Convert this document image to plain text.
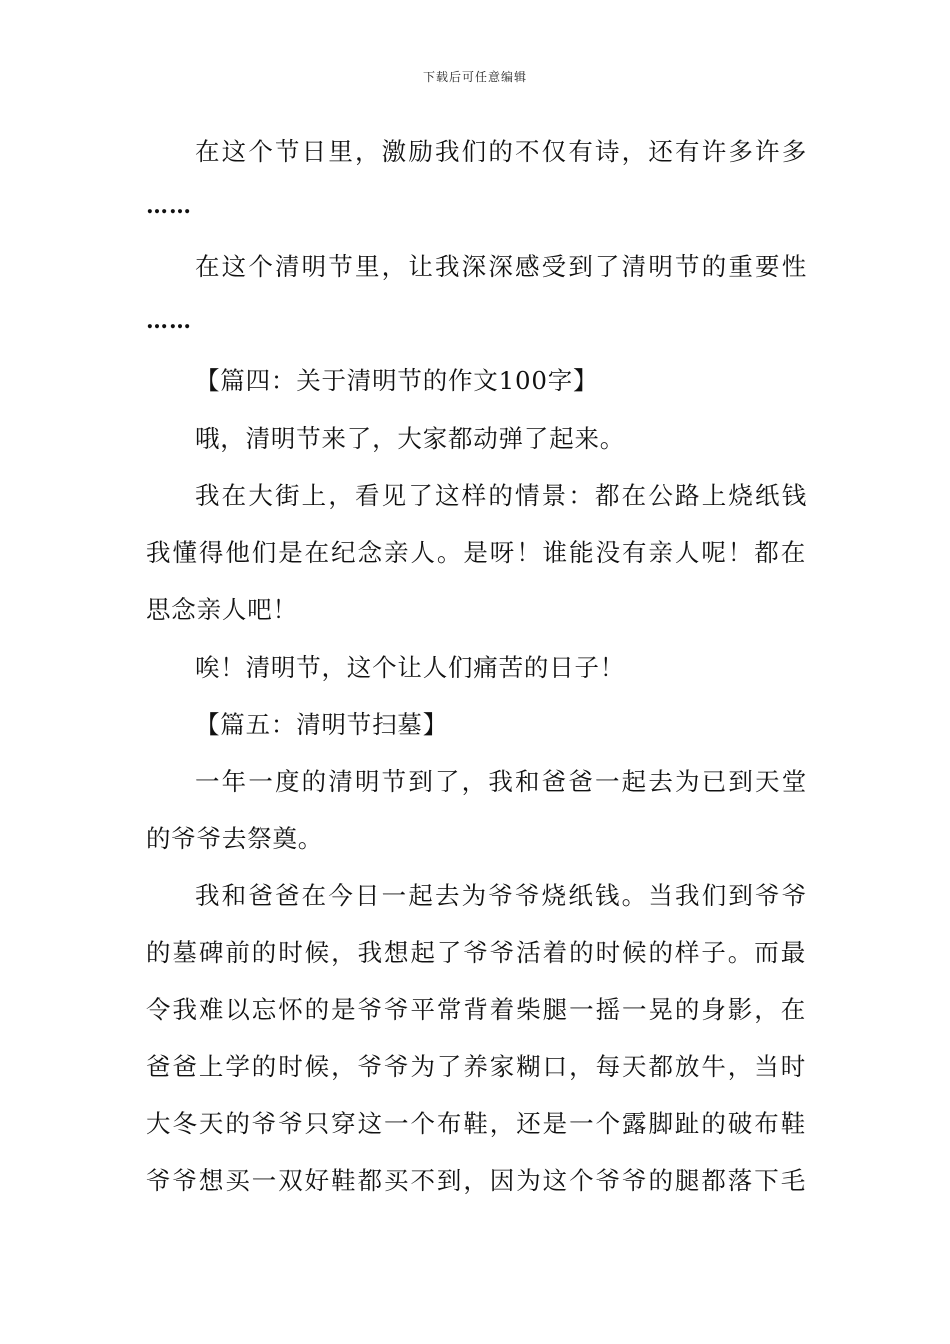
下载后可任意编辑
在这个节日里，激励我们的不仅有诗，还有许多许多
……
在这个清明节里，让我深深感受到了清明节的重要性
……
【篇四：关于清明节的作文100字】
哦，清明节来了，大家都动弹了起来。
我在大街上，看见了这样的情景：都在公路上烧纸钱
我懂得他们是在纪念亲人。是呀！谁能没有亲人呢！都在
思念亲人吧！
唉！清明节，这个让人们痛苦的日子！
【篇五：清明节扫墓】
一年一度的清明节到了，我和爸爸一起去为已到天堂
的爷爷去祭奠。
我和爸爸在今日一起去为爷爷烧纸钱。当我们到爷爷
的墓碑前的时候，我想起了爷爷活着的时候的样子。而最
令我难以忘怀的是爷爷平常背着柴腿一摇一晃的身影，在
爸爸上学的时候，爷爷为了养家糊口，每天都放牛，当时
大冬天的爷爷只穿这一个布鞋，还是一个露脚趾的破布鞋
爷爷想买一双好鞋都买不到，因为这个爷爷的腿都落下毛
